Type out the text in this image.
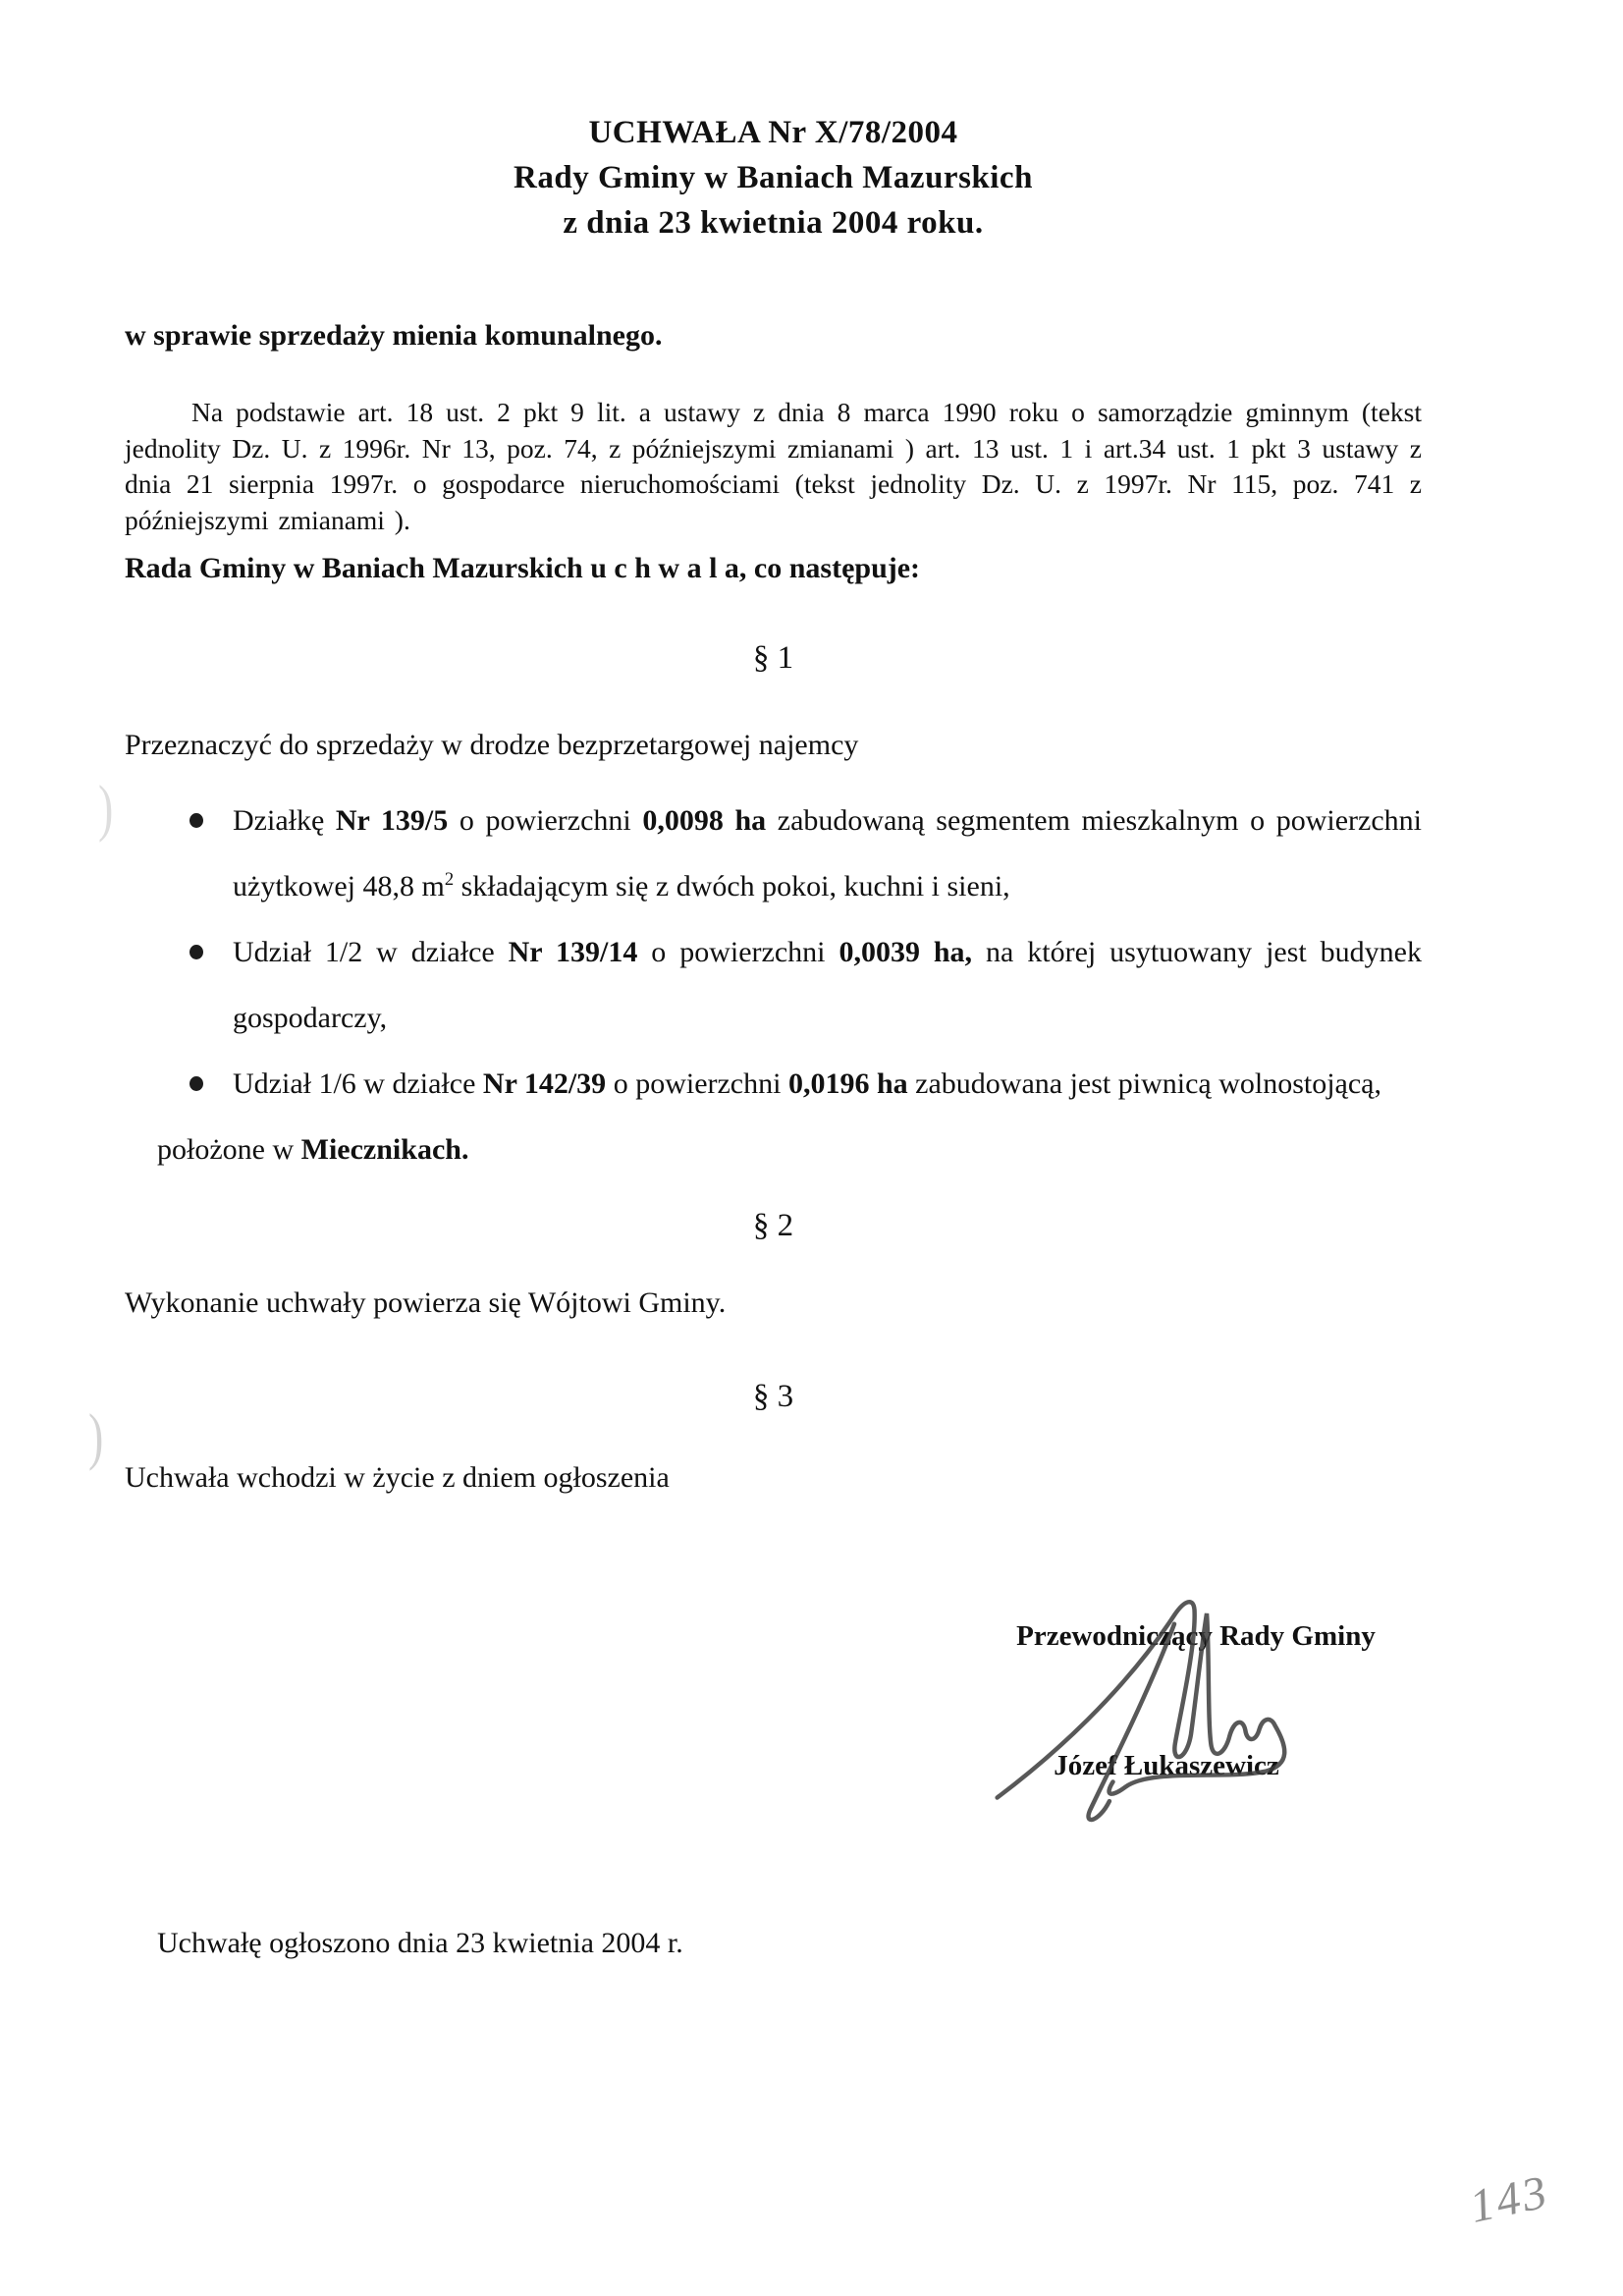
UCHWAŁA Nr X/78/2004
Rady Gminy w Baniach Mazurskich
z dnia 23 kwietnia 2004 roku.

w sprawie sprzedaży mienia komunalnego.

Na podstawie art. 18 ust. 2 pkt 9 lit. a ustawy z dnia 8 marca 1990 roku o samorządzie gminnym (tekst jednolity Dz. U. z 1996r. Nr 13, poz. 74, z późniejszymi zmianami ) art. 13 ust. 1 i art.34 ust. 1 pkt 3 ustawy z dnia 21 sierpnia 1997r. o gospodarce nieruchomościami (tekst jednolity Dz. U. z 1997r. Nr 115, poz. 741 z późniejszymi zmianami ).

Rada Gminy w Baniach Mazurskich u c h w a l a, co następuje:

§ 1

Przeznaczyć do sprzedaży w drodze bezprzetargowej najemcy

Działkę Nr 139/5 o powierzchni 0,0098 ha zabudowaną segmentem mieszkalnym o powierzchni użytkowej 48,8 $m^2$ składającym się z dwóch pokoi, kuchni i sieni,
Udział 1/2 w działce Nr 139/14 o powierzchni 0,0039 ha, na której usytuowany jest budynek gospodarczy,
Udział 1/6 w działce Nr 142/39 o powierzchni 0,0196 ha zabudowana jest piwnicą wolnostojącą,

położone w Miecznikach.

§ 2

Wykonanie uchwały powierza się Wójtowi Gminy.

§ 3

Uchwała wchodzi w życie z dniem ogłoszenia

Przewodniczący Rady Gminy
Józef Łukaszewicz

Uchwałę ogłoszono dnia 23 kwietnia 2004 r.

)
)
143
